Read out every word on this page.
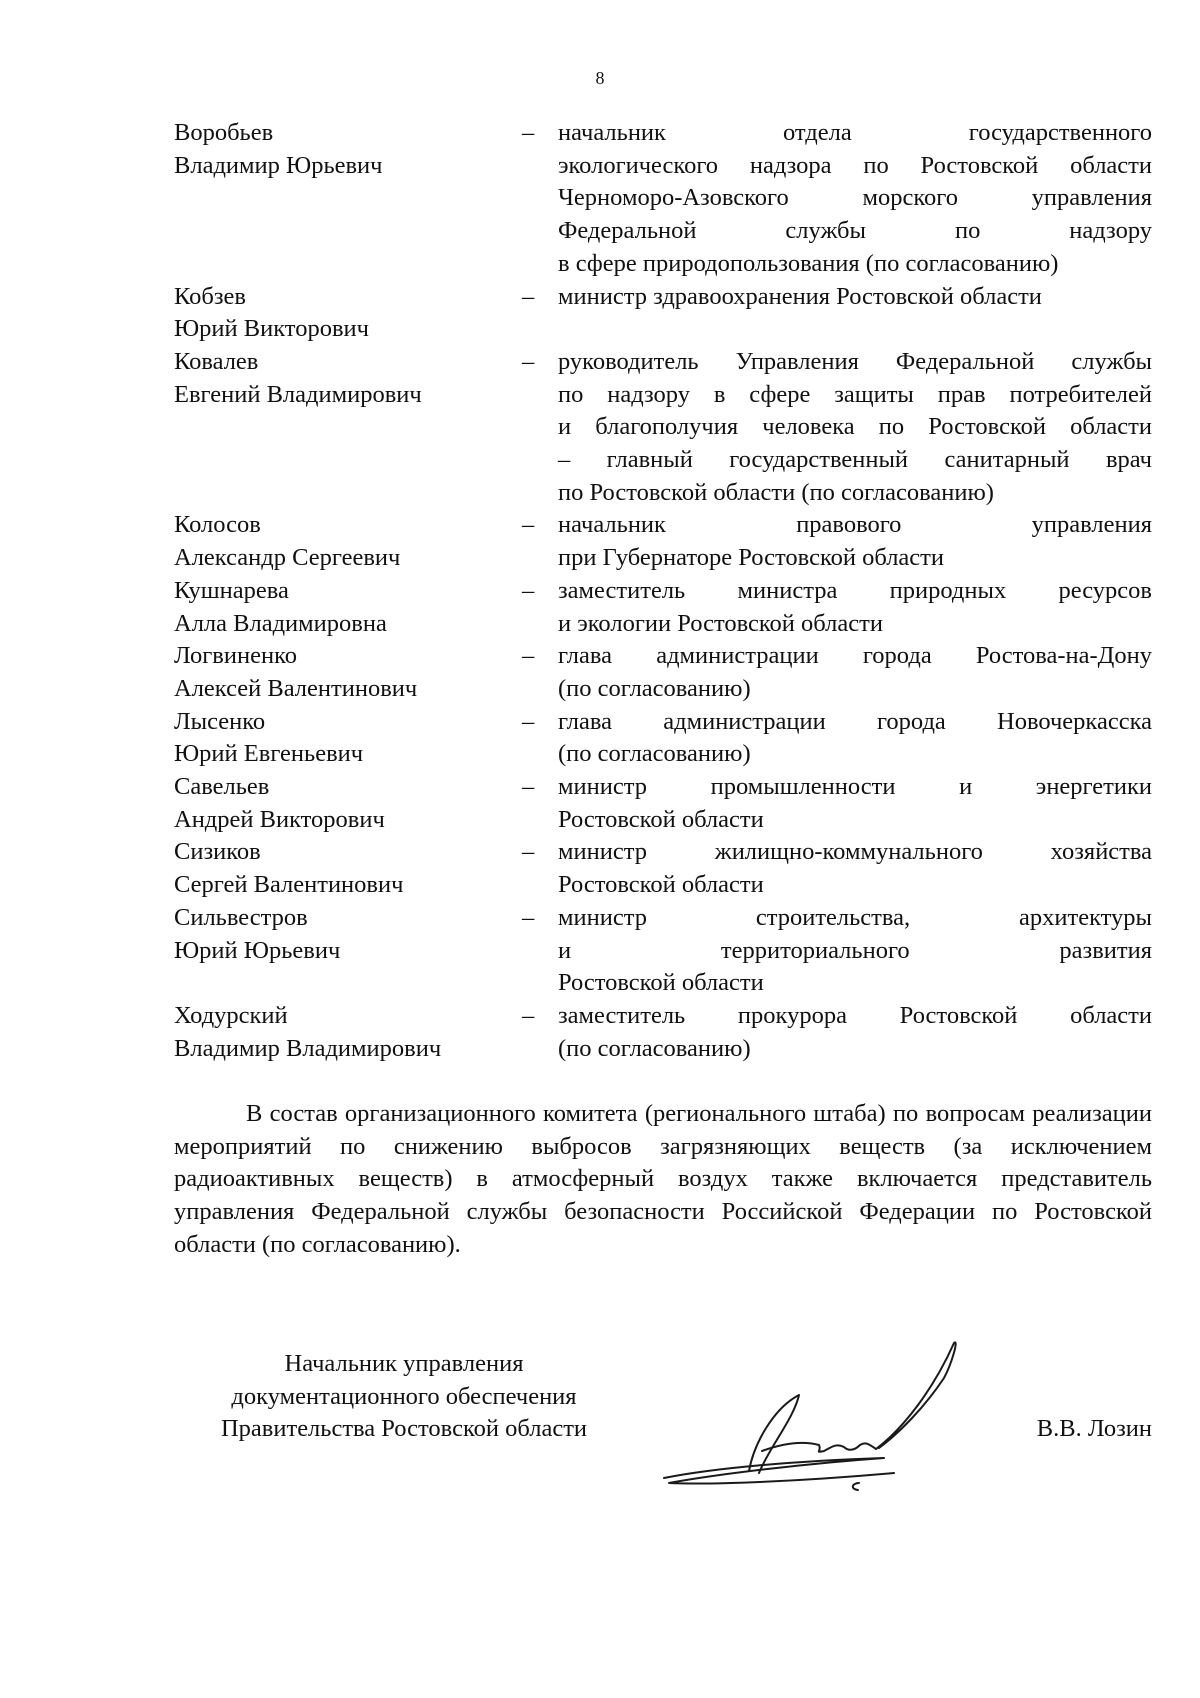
8
Воробьев
Владимир Юрьевич
– начальник отдела государственного
экологического надзора по Ростовской области
Черноморо-Азовского морского управления
Федеральной службы по надзору
в сфере природопользования (по согласованию)
Кобзев
Юрий Викторович
– министр здравоохранения Ростовской области
Ковалев
Евгений Владимирович
– руководитель Управления Федеральной службы
по надзору в сфере защиты прав потребителей
и благополучия человека по Ростовской области
– главный государственный санитарный врач
по Ростовской области (по согласованию)
Колосов
Александр Сергеевич
– начальник правового управления
при Губернаторе Ростовской области
Кушнарева
Алла Владимировна
– заместитель министра природных ресурсов
и экологии Ростовской области
Логвиненко
Алексей Валентинович
– глава администрации города Ростова-на-Дону
(по согласованию)
Лысенко
Юрий Евгеньевич
– глава администрации города Новочеркасска
(по согласованию)
Савельев
Андрей Викторович
– министр промышленности и энергетики
Ростовской области
Сизиков
Сергей Валентинович
– министр жилищно-коммунального хозяйства
Ростовской области
Сильвестров
Юрий Юрьевич
– министр строительства, архитектуры
и территориального развития
Ростовской области
Ходурский
Владимир Владимирович
– заместитель прокурора Ростовской области
(по согласованию)

В состав организационного комитета (регионального штаба) по вопросам реализации мероприятий по снижению выбросов загрязняющих веществ (за исключением радиоактивных веществ) в атмосферный воздух также включается представитель управления Федеральной службы безопасности Российской Федерации по Ростовской области (по согласованию).

Начальник управления
документационного обеспечения
Правительства Ростовской области	В.В. Лозин
